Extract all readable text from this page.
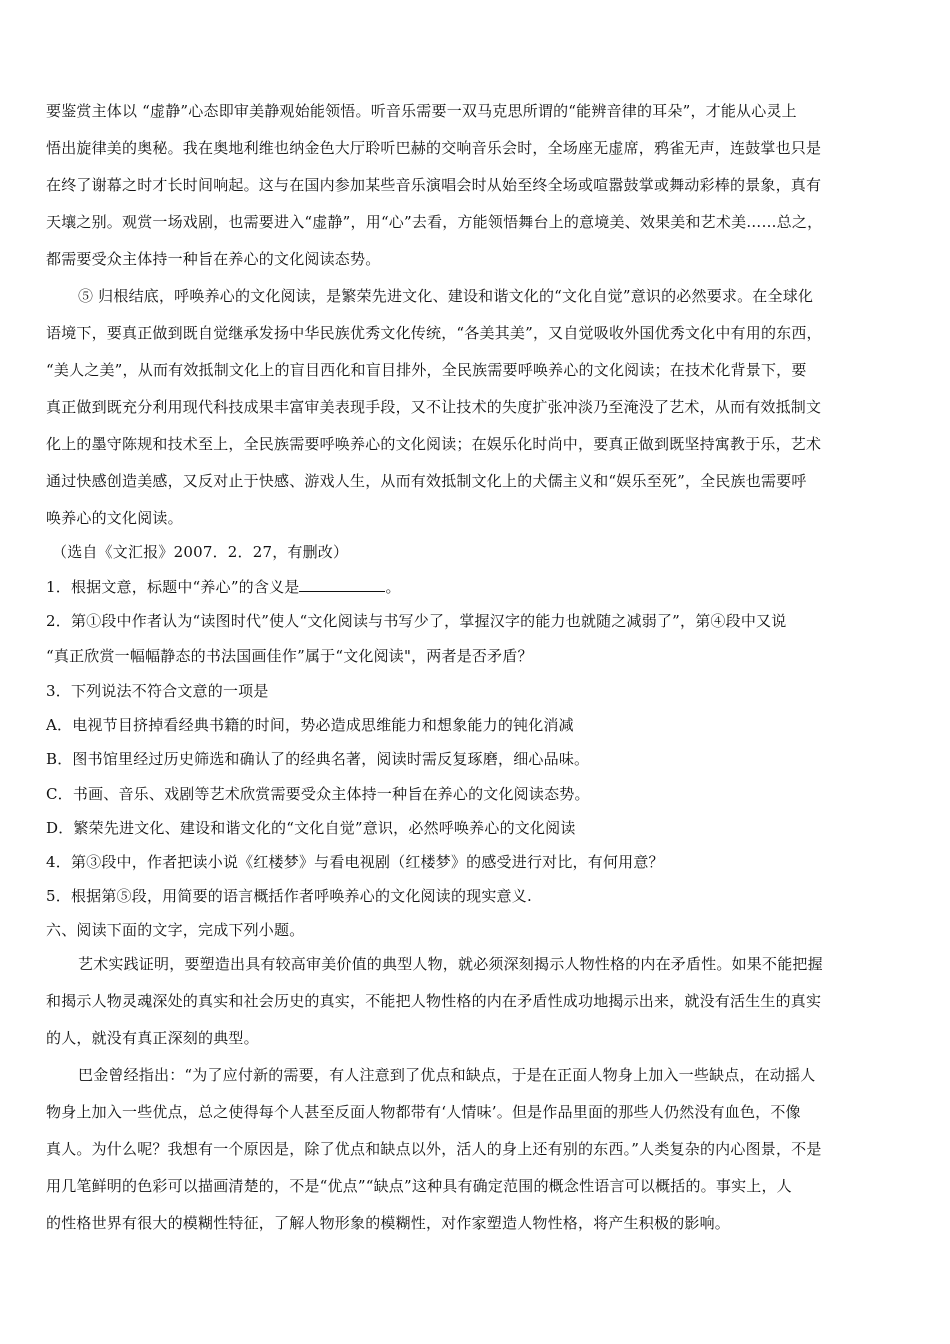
要鉴赏主体以 “虚静”心态即审美静观始能领悟。听音乐需要一双马克思所谓的“能辨音律的耳朵”，才能从心灵上
悟出旋律美的奥秘。我在奥地利维也纳金色大厅聆听巴赫的交响音乐会时，全场座无虚席，鸦雀无声，连鼓掌也只是
在终了谢幕之时才长时间响起。这与在国内参加某些音乐演唱会时从始至终全场或喧嚣鼓掌或舞动彩棒的景象，真有
天壤之别。观赏一场戏剧，也需要进入“虚静”，用“心”去看，方能领悟舞台上的意境美、效果美和艺术美……总之，
都需要受众主体持一种旨在养心的文化阅读态势。
⑤ 归根结底，呼唤养心的文化阅读，是繁荣先进文化、建设和谐文化的“文化自觉”意识的必然要求。在全球化
语境下，要真正做到既自觉继承发扬中华民族优秀文化传统，“各美其美”，又自觉吸收外国优秀文化中有用的东西，
“美人之美”，从而有效抵制文化上的盲目西化和盲目排外，全民族需要呼唤养心的文化阅读；在技术化背景下，要
真正做到既充分利用现代科技成果丰富审美表现手段，又不让技术的失度扩张冲淡乃至淹没了艺术，从而有效抵制文
化上的墨守陈规和技术至上，全民族需要呼唤养心的文化阅读；在娱乐化时尚中，要真正做到既坚持寓教于乐，艺术
通过快感创造美感，又反对止于快感、游戏人生，从而有效抵制文化上的犬儒主义和“娱乐至死”，全民族也需要呼
唤养心的文化阅读。
（选自《文汇报》2007．2．27，有删改）
1．根据文意，标题中“养心”的含义是	。
2．第①段中作者认为“读图时代”使人“文化阅读与书写少了，掌握汉字的能力也就随之减弱了”，第④段中又说
“真正欣赏一幅幅静态的书法国画佳作”属于“文化阅读"，两者是否矛盾？
3．下列说法不符合文意的一项是
A．电视节目挤掉看经典书籍的时间，势必造成思维能力和想象能力的钝化消减
B．图书馆里经过历史筛选和确认了的经典名著，阅读时需反复琢磨，细心品味。
C．书画、音乐、戏剧等艺术欣赏需要受众主体持一种旨在养心的文化阅读态势。
D．繁荣先进文化、建设和谐文化的“文化自觉”意识，必然呼唤养心的文化阅读
4．第③段中，作者把读小说《红楼梦》与看电视剧（红楼梦》的感受进行对比，有何用意？
5．根据第⑤段，用简要的语言概括作者呼唤养心的文化阅读的现实意义.
六、阅读下面的文字，完成下列小题。
艺术实践证明，要塑造出具有较高审美价值的典型人物，就必须深刻揭示人物性格的内在矛盾性。如果不能把握
和揭示人物灵魂深处的真实和社会历史的真实，不能把人物性格的内在矛盾性成功地揭示出来，就没有活生生的真实
的人，就没有真正深刻的典型。
巴金曾经指出：“为了应付新的需要，有人注意到了优点和缺点，于是在正面人物身上加入一些缺点，在动摇人
物身上加入一些优点，总之使得每个人甚至反面人物都带有‘人情味’。但是作品里面的那些人仍然没有血色，不像
真人。为什么呢？我想有一个原因是，除了优点和缺点以外，活人的身上还有别的东西。”人类复杂的内心图景，不是
用几笔鲜明的色彩可以描画清楚的，不是“优点”“缺点”这种具有确定范围的概念性语言可以概括的。事实上，人
的性格世界有很大的模糊性特征，了解人物形象的模糊性，对作家塑造人物性格，将产生积极的影响。
